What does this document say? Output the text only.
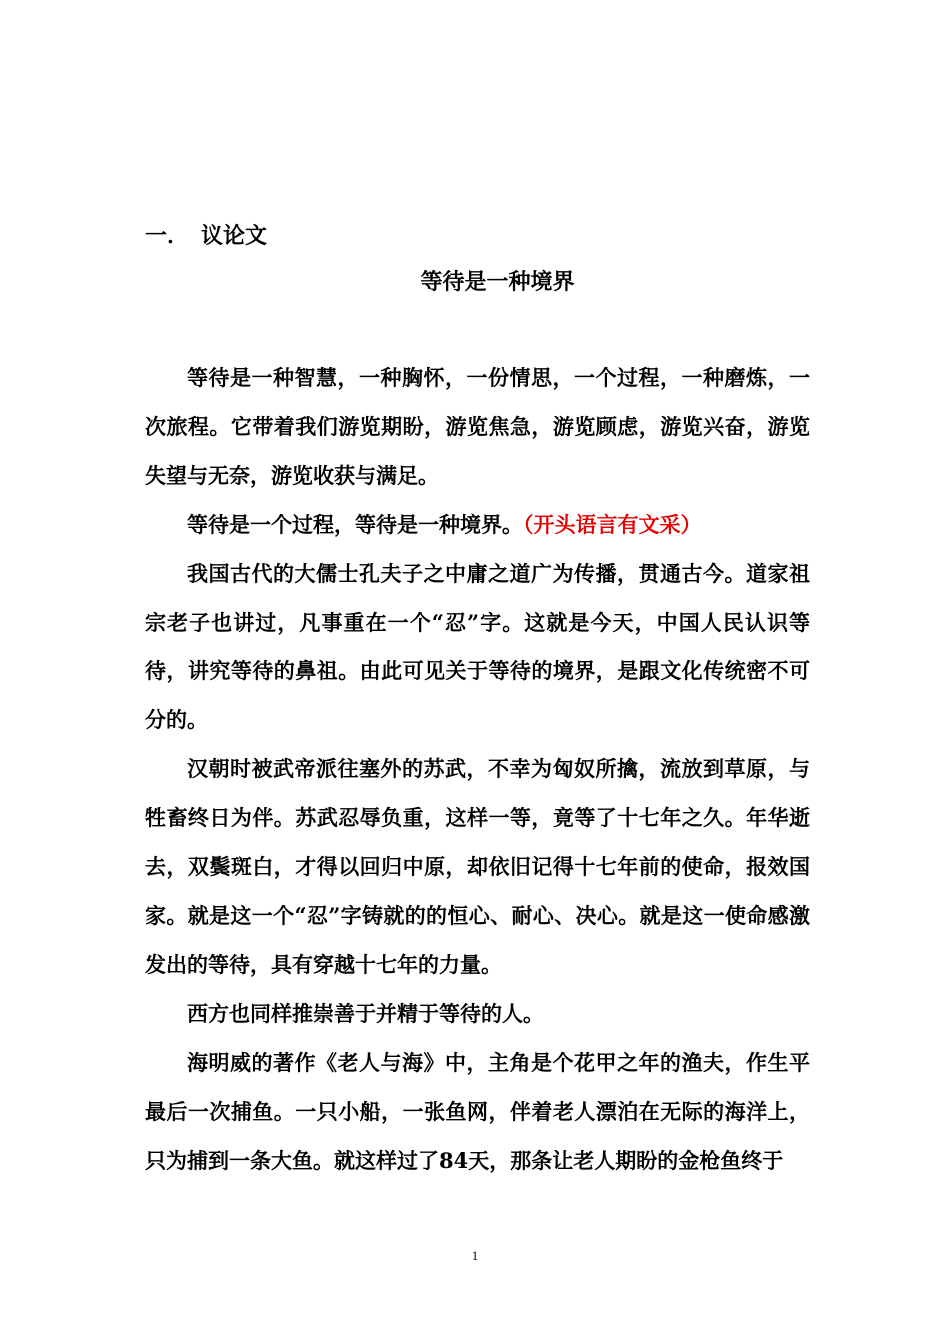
一． 议论文
等待是一种境界

等待是一种智慧，一种胸怀，一份情思，一个过程，一种磨炼，一次旅程。它带着我们游览期盼，游览焦急，游览顾虑，游览兴奋，游览失望与无奈，游览收获与满足。

等待是一个过程，等待是一种境界。（开头语言有文采）

我国古代的大儒士孔夫子之中庸之道广为传播，贯通古今。道家祖宗老子也讲过，凡事重在一个“忍”字。这就是今天，中国人民认识等待，讲究等待的鼻祖。由此可见关于等待的境界，是跟文化传统密不可分的。

汉朝时被武帝派往塞外的苏武，不幸为匈奴所擒，流放到草原，与牲畜终日为伴。苏武忍辱负重，这样一等，竟等了十七年之久。年华逝去，双鬓斑白，才得以回归中原，却依旧记得十七年前的使命，报效国家。就是这一个“忍”字铸就的的恒心、耐心、决心。就是这一使命感激发出的等待，具有穿越十七年的力量。

西方也同样推崇善于并精于等待的人。

海明威的著作《老人与海》中，主角是个花甲之年的渔夫，作生平最后一次捕鱼。一只小船，一张鱼网，伴着老人漂泊在无际的海洋上，只为捕到一条大鱼。就这样过了84天，那条让老人期盼的金枪鱼终于

1
